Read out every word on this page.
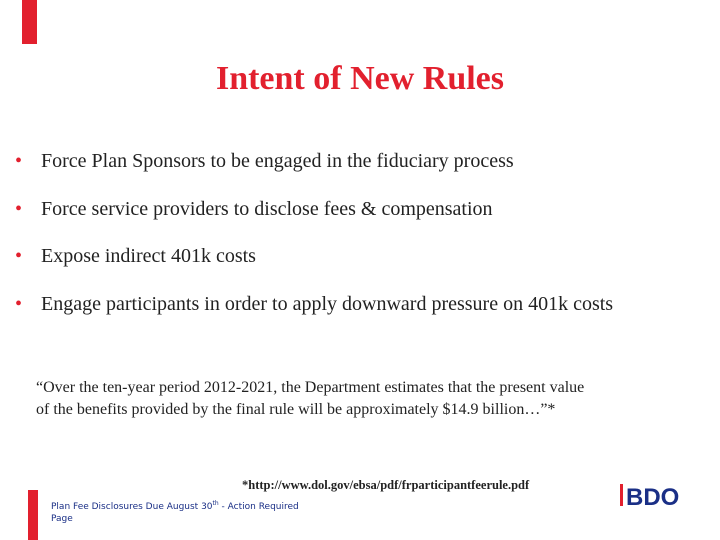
Intent of New Rules
• Force Plan Sponsors to be engaged in the fiduciary process
• Force service providers to disclose fees & compensation
• Expose indirect 401k costs
• Engage participants in order to apply downward pressure on 401k costs
“Over the ten-year period 2012-2021, the Department estimates that the present value
of the benefits provided by the final rule will be approximately $14.9 billion…”*
*http://www.dol.gov/ebsa/pdf/frparticipantfeerule.pdf
Plan Fee Disclosures Due August 30th - Action Required
Page
BDO
